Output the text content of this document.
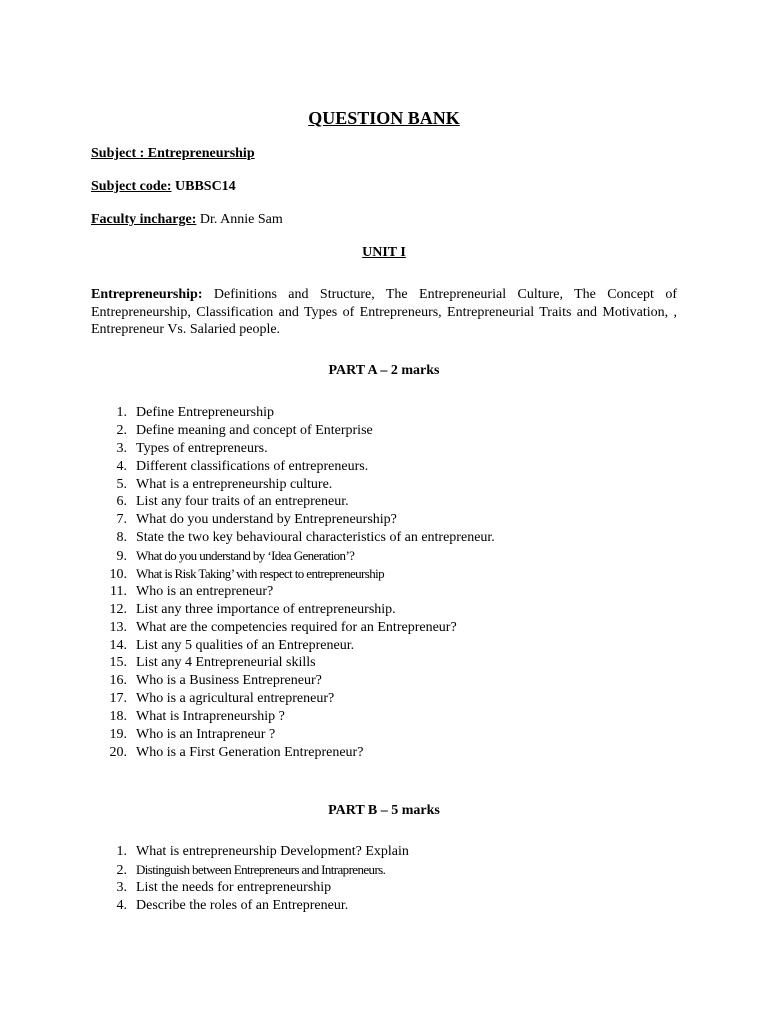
QUESTION BANK
Subject : Entrepreneurship
Subject code: UBBSC14
Faculty incharge: Dr. Annie Sam
UNIT I
Entrepreneurship: Definitions and Structure, The Entrepreneurial Culture, The Concept of Entrepreneurship, Classification and Types of Entrepreneurs, Entrepreneurial Traits and Motivation, , Entrepreneur Vs. Salaried people.
PART A – 2 marks
1. Define Entrepreneurship
2. Define meaning and concept of Enterprise
3. Types of entrepreneurs.
4. Different classifications of entrepreneurs.
5. What is a entrepreneurship culture.
6. List any four traits of an entrepreneur.
7. What do you understand by Entrepreneurship?
8. State the two key behavioural characteristics of an entrepreneur.
9. What do you understand by ‘Idea Generation’?
10. What is Risk Taking’ with respect to entrepreneurship
11. Who is an entrepreneur?
12. List any three importance of entrepreneurship.
13. What are the competencies required for an Entrepreneur?
14. List any 5 qualities of an Entrepreneur.
15. List any 4 Entrepreneurial skills
16. Who is a Business Entrepreneur?
17. Who is a agricultural entrepreneur?
18. What is Intrapreneurship ?
19. Who is an Intrapreneur ?
20. Who is a First Generation Entrepreneur?
PART B – 5 marks
1. What is entrepreneurship Development? Explain
2. Distinguish between Entrepreneurs and Intrapreneurs.
3. List the needs for entrepreneurship
4. Describe the roles of an Entrepreneur.
